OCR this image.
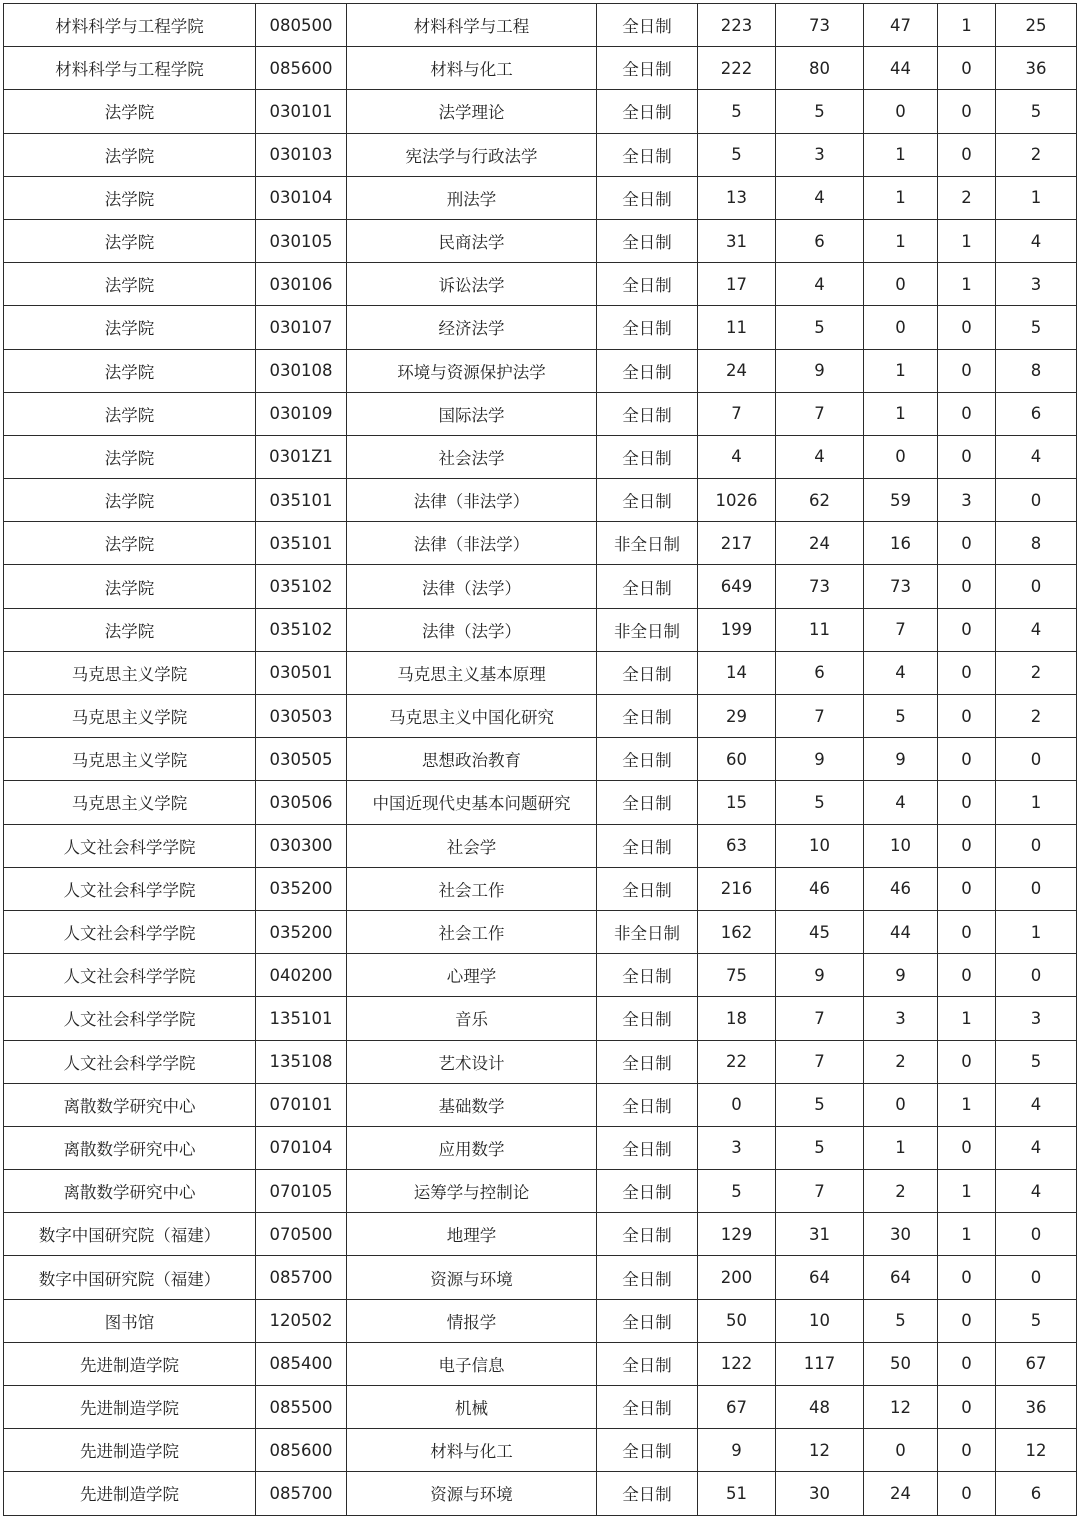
材料科学与工程学院	080500	材料科学与工程	全日制	223	73	47	1	25
材料科学与工程学院	085600	材料与化工	全日制	222	80	44	0	36
法学院	030101	法学理论	全日制	5	5	0	0	5
法学院	030103	宪法学与行政法学	全日制	5	3	1	0	2
法学院	030104	刑法学	全日制	13	4	1	2	1
法学院	030105	民商法学	全日制	31	6	1	1	4
法学院	030106	诉讼法学	全日制	17	4	0	1	3
法学院	030107	经济法学	全日制	11	5	0	0	5
法学院	030108	环境与资源保护法学	全日制	24	9	1	0	8
法学院	030109	国际法学	全日制	7	7	1	0	6
法学院	0301Z1	社会法学	全日制	4	4	0	0	4
法学院	035101	法律（非法学）	全日制	1026	62	59	3	0
法学院	035101	法律（非法学）	非全日制	217	24	16	0	8
法学院	035102	法律（法学）	全日制	649	73	73	0	0
法学院	035102	法律（法学）	非全日制	199	11	7	0	4
马克思主义学院	030501	马克思主义基本原理	全日制	14	6	4	0	2
马克思主义学院	030503	马克思主义中国化研究	全日制	29	7	5	0	2
马克思主义学院	030505	思想政治教育	全日制	60	9	9	0	0
马克思主义学院	030506	中国近现代史基本问题研究	全日制	15	5	4	0	1
人文社会科学学院	030300	社会学	全日制	63	10	10	0	0
人文社会科学学院	035200	社会工作	全日制	216	46	46	0	0
人文社会科学学院	035200	社会工作	非全日制	162	45	44	0	1
人文社会科学学院	040200	心理学	全日制	75	9	9	0	0
人文社会科学学院	135101	音乐	全日制	18	7	3	1	3
人文社会科学学院	135108	艺术设计	全日制	22	7	2	0	5
离散数学研究中心	070101	基础数学	全日制	0	5	0	1	4
离散数学研究中心	070104	应用数学	全日制	3	5	1	0	4
离散数学研究中心	070105	运筹学与控制论	全日制	5	7	2	1	4
数字中国研究院（福建）	070500	地理学	全日制	129	31	30	1	0
数字中国研究院（福建）	085700	资源与环境	全日制	200	64	64	0	0
图书馆	120502	情报学	全日制	50	10	5	0	5
先进制造学院	085400	电子信息	全日制	122	117	50	0	67
先进制造学院	085500	机械	全日制	67	48	12	0	36
先进制造学院	085600	材料与化工	全日制	9	12	0	0	12
先进制造学院	085700	资源与环境	全日制	51	30	24	0	6
